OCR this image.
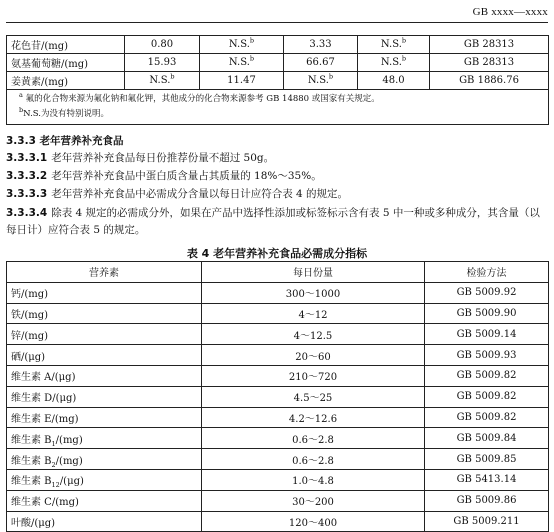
GB xxxx—xxxx
花色苷/(mg)	0.80	N.S.$^b$	3.33	N.S.$^b$	GB 28313
氨基葡萄糖/(mg)	15.93	N.S.$^b$	66.67	N.S.$^b$	GB 28313
姜黄素/(mg)	N.S.$^b$	11.47	N.S.$^b$	48.0	GB 1886.76

$^a$ 氟的化合物来源为氟化钠和氟化钾，其他成分的化合物来源参考 GB 14880 或国家有关规定。
$^b$N.S.为没有特别说明。					
3.3.3 老年营养补充食品
3.3.3.1 老年营养补充食品每日份推荐份量不超过 50g。
3.3.3.2 老年营养补充食品中蛋白质含量占其质量的 18%～35%。
3.3.3.3 老年营养补充食品中必需成分含量以每日计应符合表 4 的规定。
3.3.3.4 除表 4 规定的必需成分外，如果在产品中选择性添加或标签标示含有表 5 中一种或多种成分，其含量（以每日计）应符合表 5 的规定。
表 4 老年营养补充食品必需成分指标
营养素	每日份量	检验方法
钙/(mg)	300～1000	GB 5009.92
铁/(mg)	4～12	GB 5009.90
锌/(mg)	4～12.5	GB 5009.14
硒/(μg)	20～60	GB 5009.93
维生素 A/(μg)	210～720	GB 5009.82
维生素 D/(μg)	4.5～25	GB 5009.82
维生素 E/(mg)	4.2～12.6	GB 5009.82
维生素 $B_1/(mg)$	0.6～2.8	GB 5009.84
维生素 $B_2/(mg)$	0.6～2.8	GB 5009.85
维生素 $B_{12}/(\mu g)$	1.0～4.8	GB 5413.14
维生素 C/(mg)	30～200	GB 5009.86
叶酸/(μg)	120～400	GB 5009.211
